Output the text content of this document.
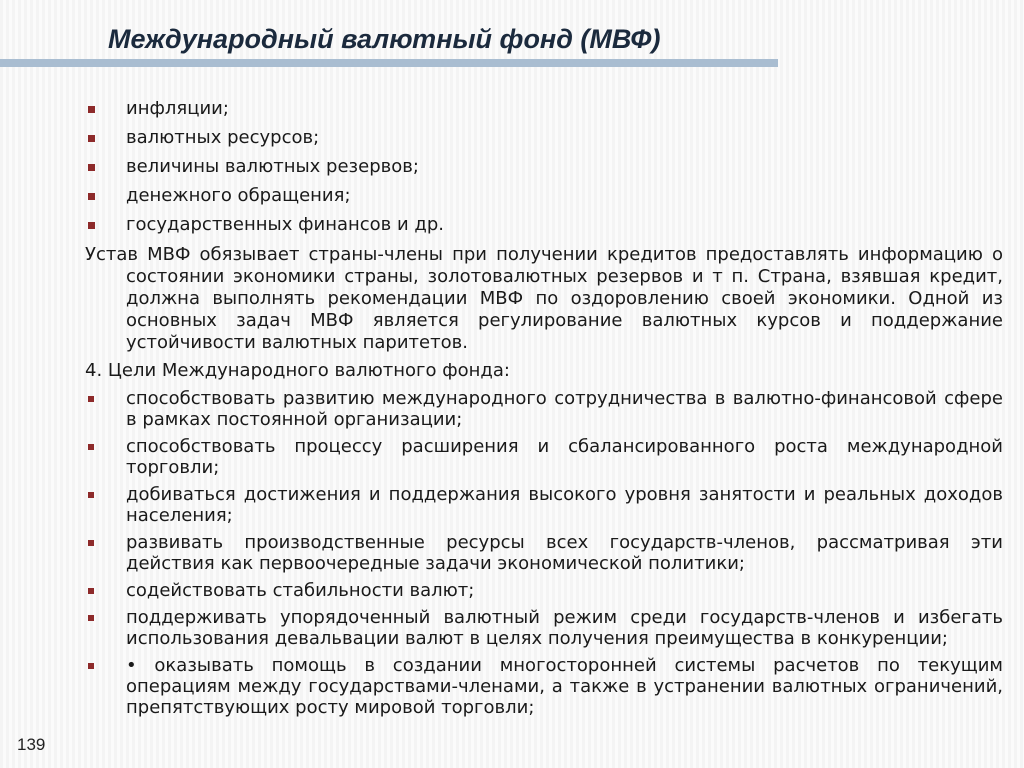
Международный валютный фонд (МВФ)
инфляции;
валютных ресурсов;
величины валютных резервов;
денежного обращения;
государственных финансов и др.

Устав МВФ обязывает страны-члены при получении кредитов предоставлять информацию о состоянии экономики страны, золотовалютных резервов и т п. Страна, взявшая кредит, должна выполнять рекомендации МВФ по оздоровлению своей экономики. Одной из основных задач МВФ является регулирование валютных курсов и поддержание устойчивости валютных паритетов.

4. Цели Международного валютного фонда:
способствовать развитию международного сотрудничества в валютно-финансовой сфере в рамках постоянной организации;
способствовать процессу расширения и сбалансированного роста международной торговли;
добиваться достижения и поддержания высокого уровня занятости и реальных доходов населения;
развивать производственные ресурсы всех государств-членов, рассматривая эти действия как первоочередные задачи экономической политики;
содействовать стабильности валют;
поддерживать упорядоченный валютный режим среди государств-членов и избегать использования девальвации валют в целях получения преимущества в конкуренции;
• оказывать помощь в создании многосторонней системы расчетов по текущим операциям между государствами-членами, а также в устранении валютных ограничений, препятствующих росту мировой торговли;
139
